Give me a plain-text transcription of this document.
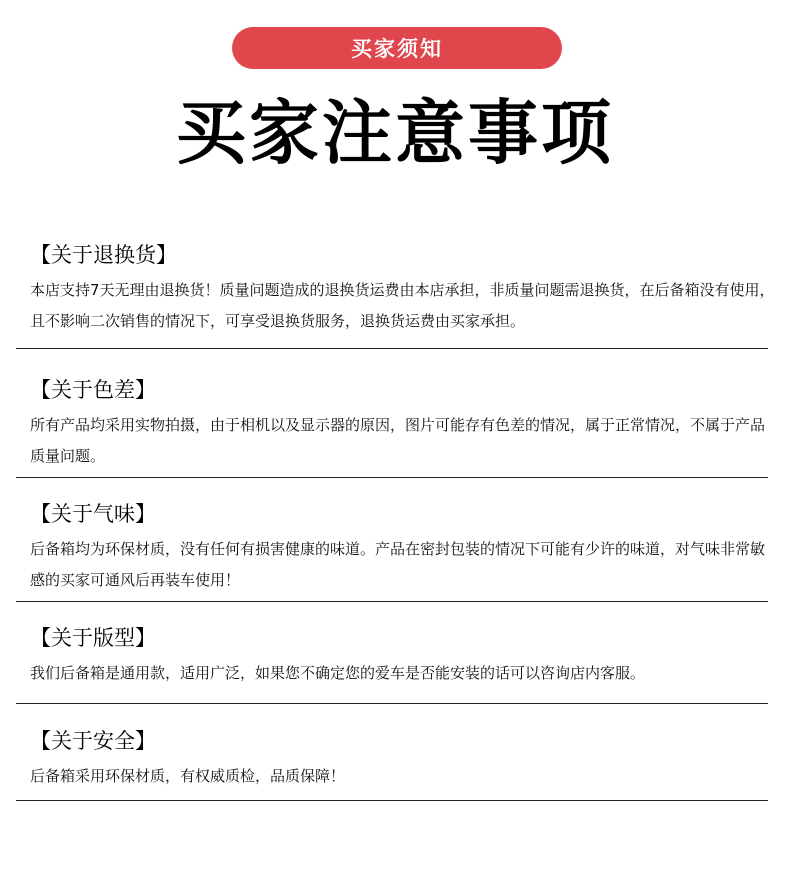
买家须知
买家注意事项
【关于退换货】

本店支持7天无理由退换货！质量问题造成的退换货运费由本店承担，非质量问题需退换货，在后备箱没有使用，且不影响二次销售的情况下，可享受退换货服务，退换货运费由买家承担。

【关于色差】

所有产品均采用实物拍摄，由于相机以及显示器的原因，图片可能存有色差的情况，属于正常情况，不属于产品质量问题。

【关于气味】

后备箱均为环保材质，没有任何有损害健康的味道。产品在密封包装的情况下可能有少许的味道，对气味非常敏感的买家可通风后再装车使用！

【关于版型】

我们后备箱是通用款，适用广泛，如果您不确定您的爱车是否能安装的话可以咨询店内客服。

【关于安全】

后备箱采用环保材质，有权威质检，品质保障！
